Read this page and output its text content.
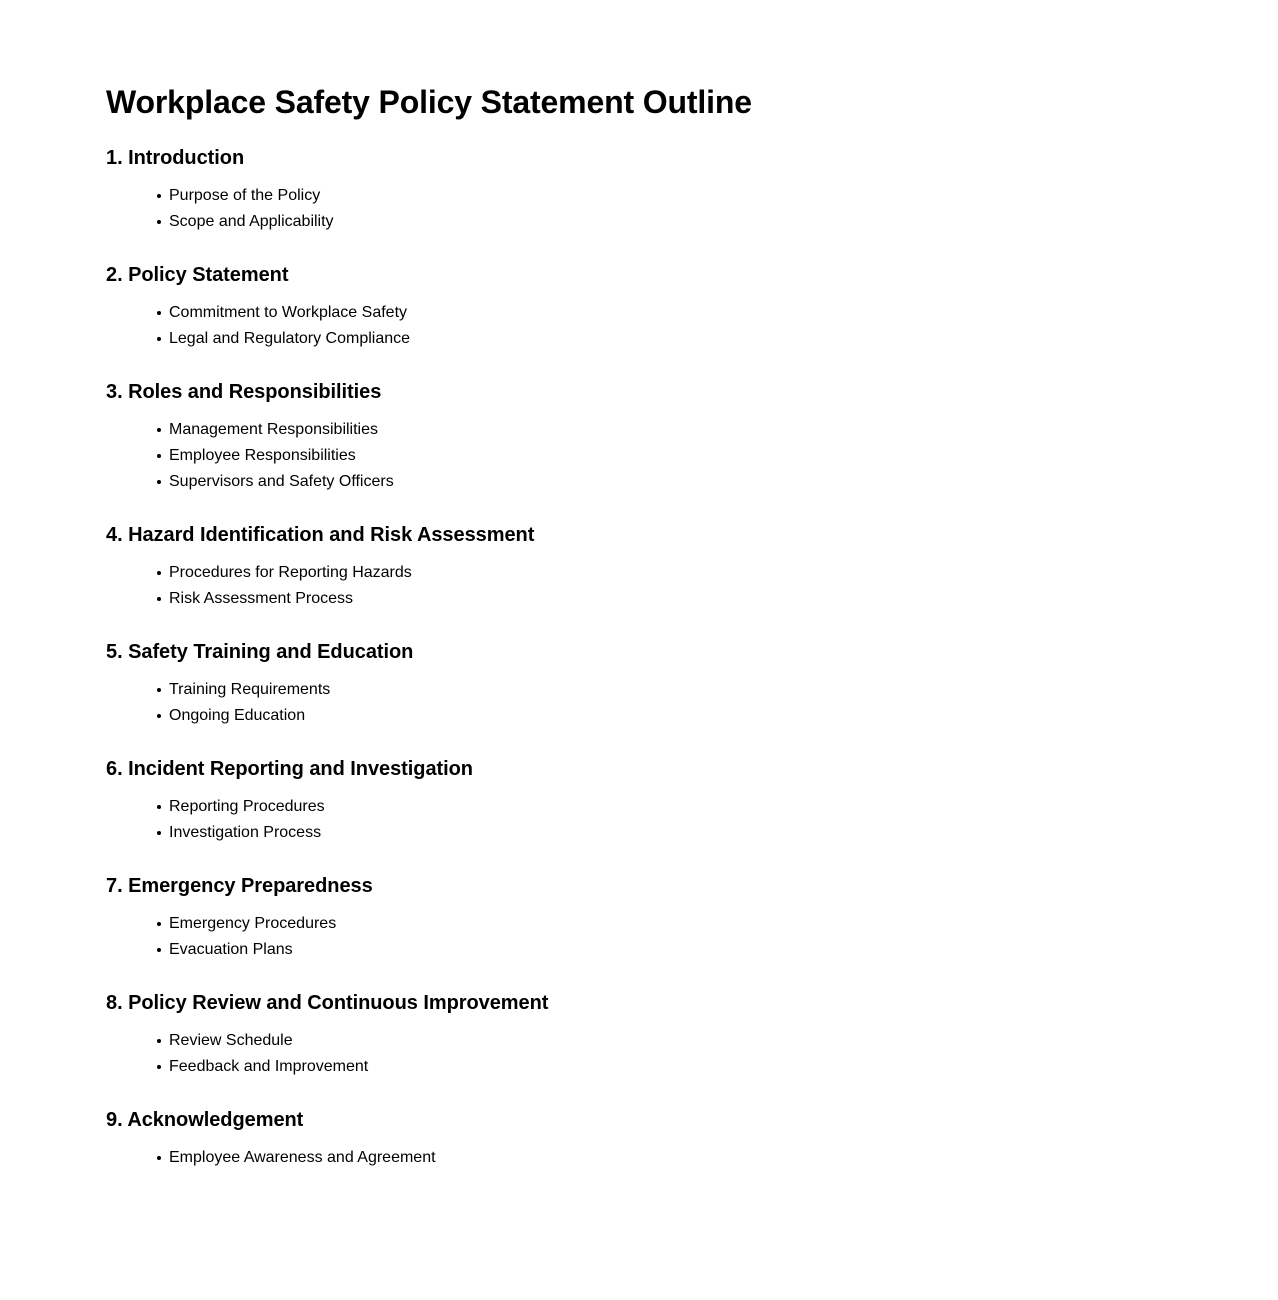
Workplace Safety Policy Statement Outline
1. Introduction
Purpose of the Policy
Scope and Applicability
2. Policy Statement
Commitment to Workplace Safety
Legal and Regulatory Compliance
3. Roles and Responsibilities
Management Responsibilities
Employee Responsibilities
Supervisors and Safety Officers
4. Hazard Identification and Risk Assessment
Procedures for Reporting Hazards
Risk Assessment Process
5. Safety Training and Education
Training Requirements
Ongoing Education
6. Incident Reporting and Investigation
Reporting Procedures
Investigation Process
7. Emergency Preparedness
Emergency Procedures
Evacuation Plans
8. Policy Review and Continuous Improvement
Review Schedule
Feedback and Improvement
9. Acknowledgement
Employee Awareness and Agreement
